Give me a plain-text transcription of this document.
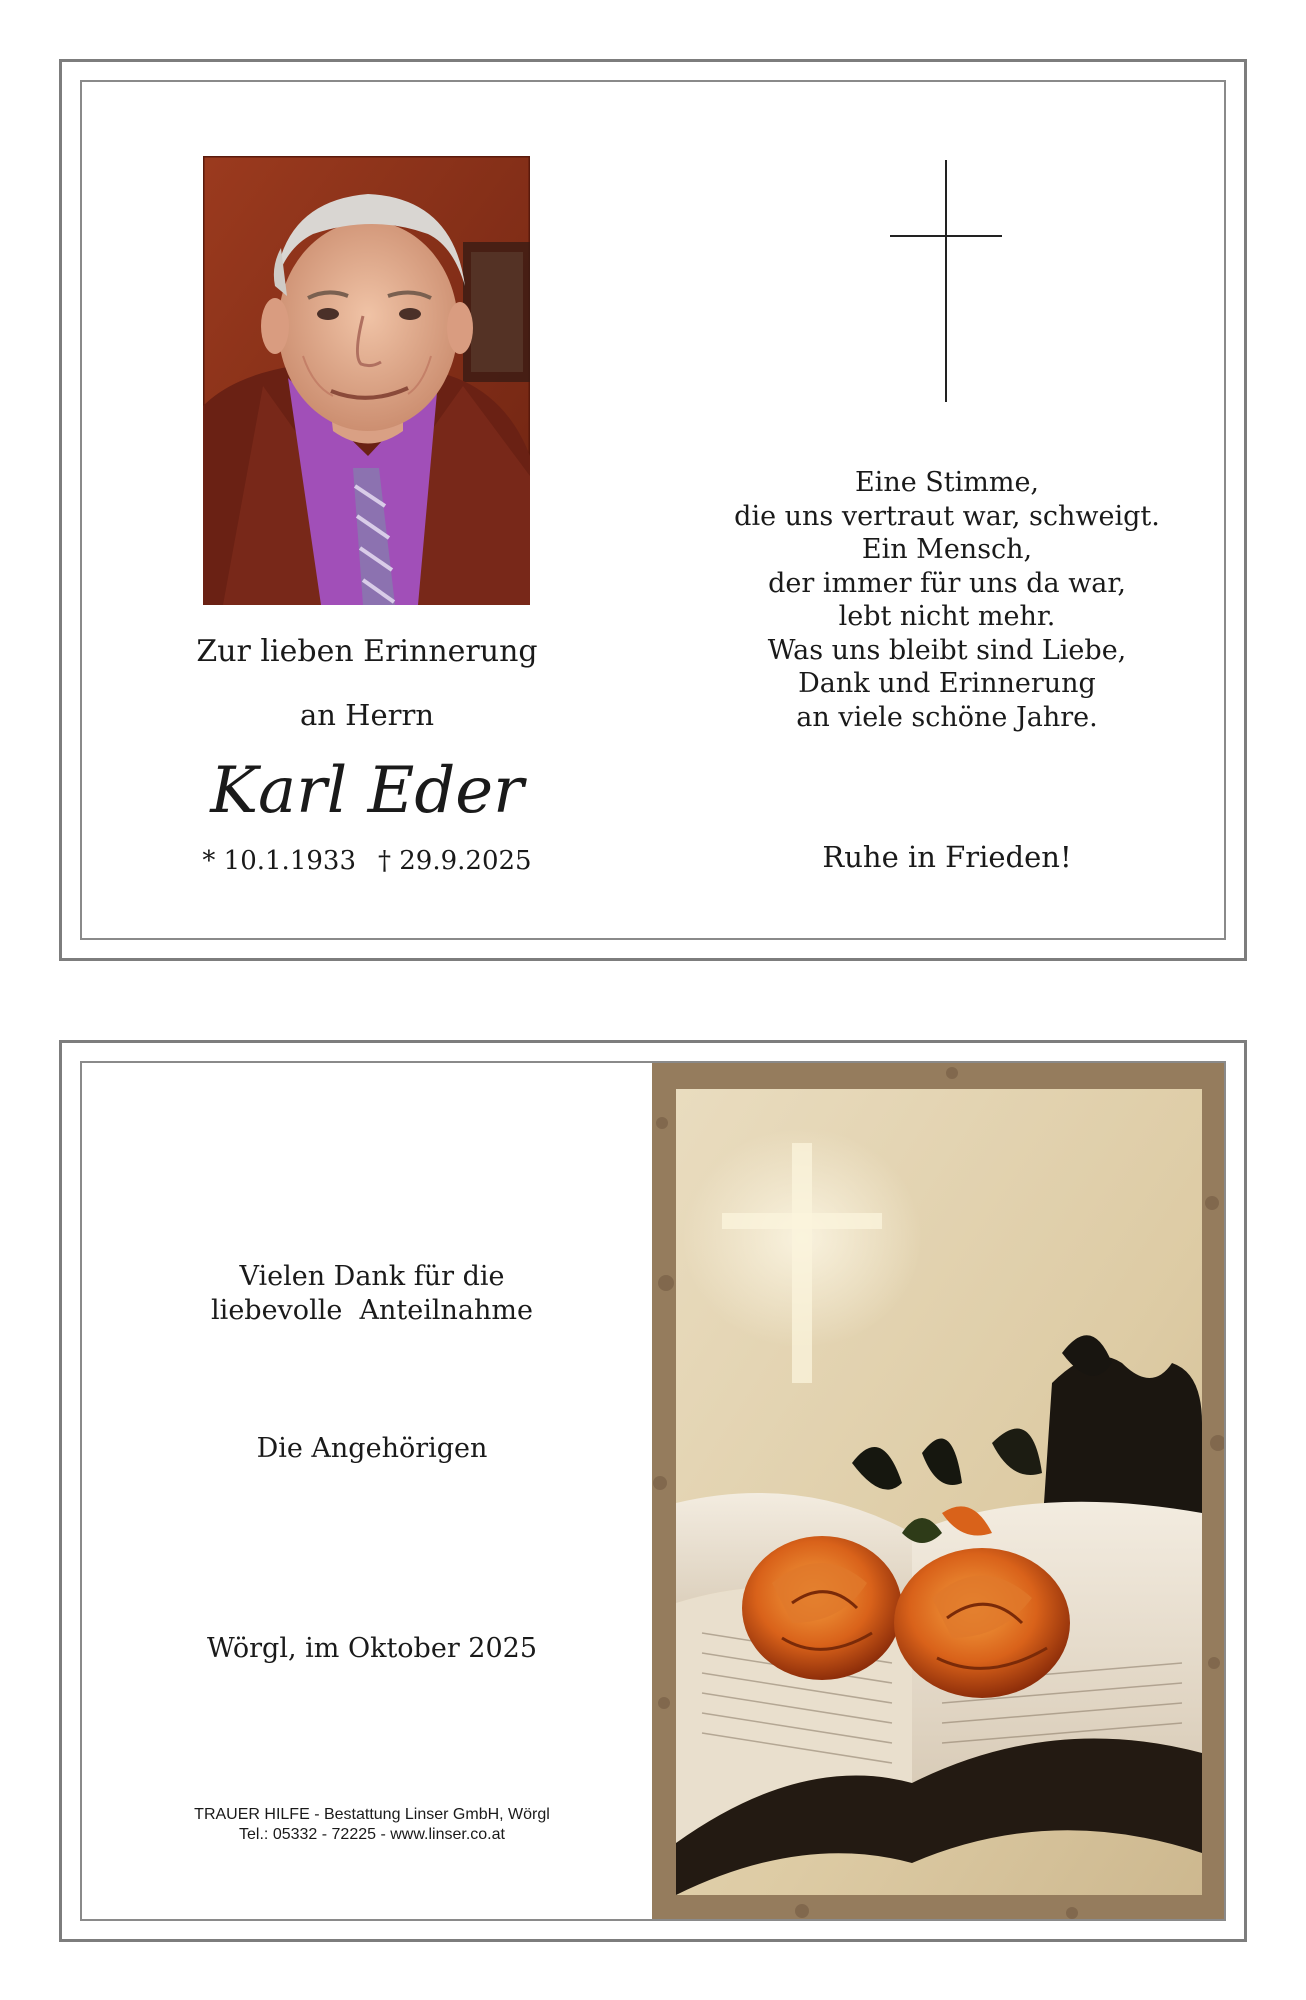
Zur lieben Erinnerung
an Herrn
Karl Eder
* 10.1.1933 † 29.9.2025
Eine Stimme,
die uns vertraut war, schweigt.
Ein Mensch,
der immer für uns da war,
lebt nicht mehr.
Was uns bleibt sind Liebe,
Dank und Erinnerung
an viele schöne Jahre.
Ruhe in Frieden!
Vielen Dank für die
liebevolle  Anteilnahme
Die Angehörigen
Wörgl, im Oktober 2025
TRAUER HILFE - Bestattung Linser GmbH, Wörgl
Tel.: 05332 - 72225 - www.linser.co.at
